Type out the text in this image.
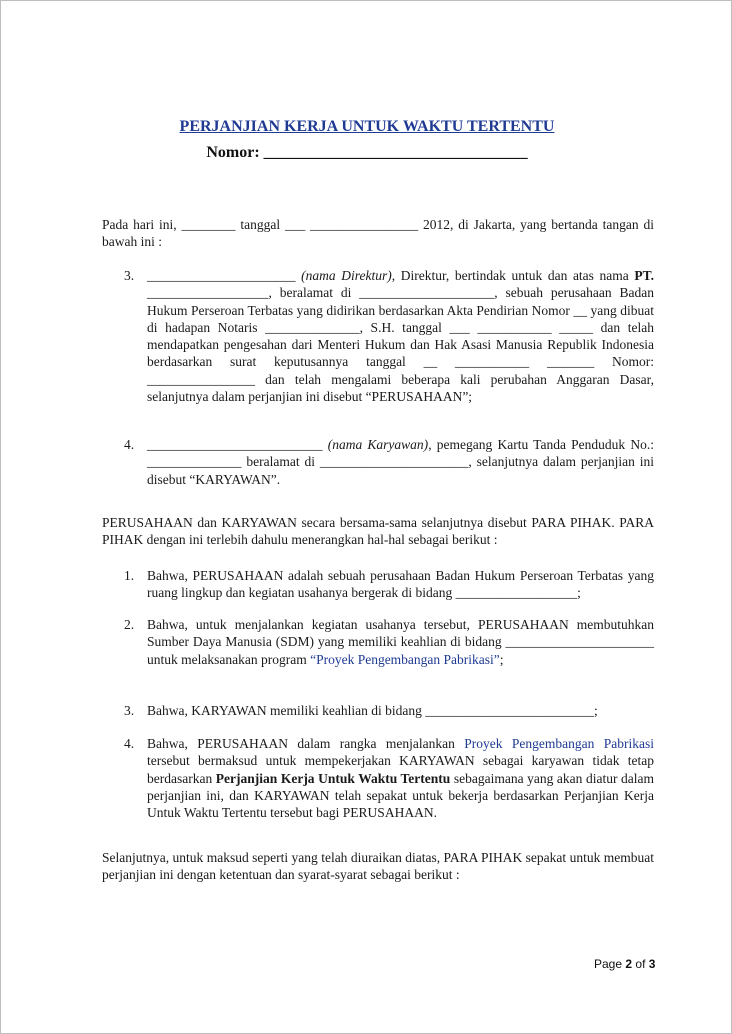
PERJANJIAN KERJA UNTUK WAKTU TERTENTU
Nomor: _________________________________
Pada hari ini, ________ tanggal ___ ________________ 2012, di Jakarta, yang bertanda tangan di bawah ini :
3. ______________________ (nama Direktur), Direktur, bertindak untuk dan atas nama PT. __________________, beralamat di ____________________, sebuah perusahaan Badan Hukum Perseroan Terbatas yang didirikan berdasarkan Akta Pendirian Nomor __ yang dibuat di hadapan Notaris ______________, S.H. tanggal ___ ___________ _____ dan telah mendapatkan pengesahan dari Menteri Hukum dan Hak Asasi Manusia Republik Indonesia berdasarkan surat keputusannya tanggal __ ___________ _______ Nomor: ________________ dan telah mengalami beberapa kali perubahan Anggaran Dasar, selanjutnya dalam perjanjian ini disebut “PERUSAHAAN”;
4. __________________________ (nama Karyawan), pemegang Kartu Tanda Penduduk No.: ______________ beralamat di ______________________, selanjutnya dalam perjanjian ini disebut “KARYAWAN”.
PERUSAHAAN dan KARYAWAN secara bersama-sama selanjutnya disebut PARA PIHAK. PARA PIHAK dengan ini terlebih dahulu menerangkan hal-hal sebagai berikut :
1. Bahwa, PERUSAHAAN adalah sebuah perusahaan Badan Hukum Perseroan Terbatas yang ruang lingkup dan kegiatan usahanya bergerak di bidang __________________;
2. Bahwa, untuk menjalankan kegiatan usahanya tersebut, PERUSAHAAN membutuhkan Sumber Daya Manusia (SDM) yang memiliki keahlian di bidang ______________________ untuk melaksanakan program “Proyek Pengembangan Pabrikasi”;
3. Bahwa, KARYAWAN memiliki keahlian di bidang _________________________;
4. Bahwa, PERUSAHAAN dalam rangka menjalankan Proyek Pengembangan Pabrikasi tersebut bermaksud untuk mempekerjakan KARYAWAN sebagai karyawan tidak tetap berdasarkan Perjanjian Kerja Untuk Waktu Tertentu sebagaimana yang akan diatur dalam perjanjian ini, dan KARYAWAN telah sepakat untuk bekerja berdasarkan Perjanjian Kerja Untuk Waktu Tertentu tersebut bagi PERUSAHAAN.
Selanjutnya, untuk maksud seperti yang telah diuraikan diatas, PARA PIHAK sepakat untuk membuat perjanjian ini dengan ketentuan dan syarat-syarat sebagai berikut :
Page 2 of 3
